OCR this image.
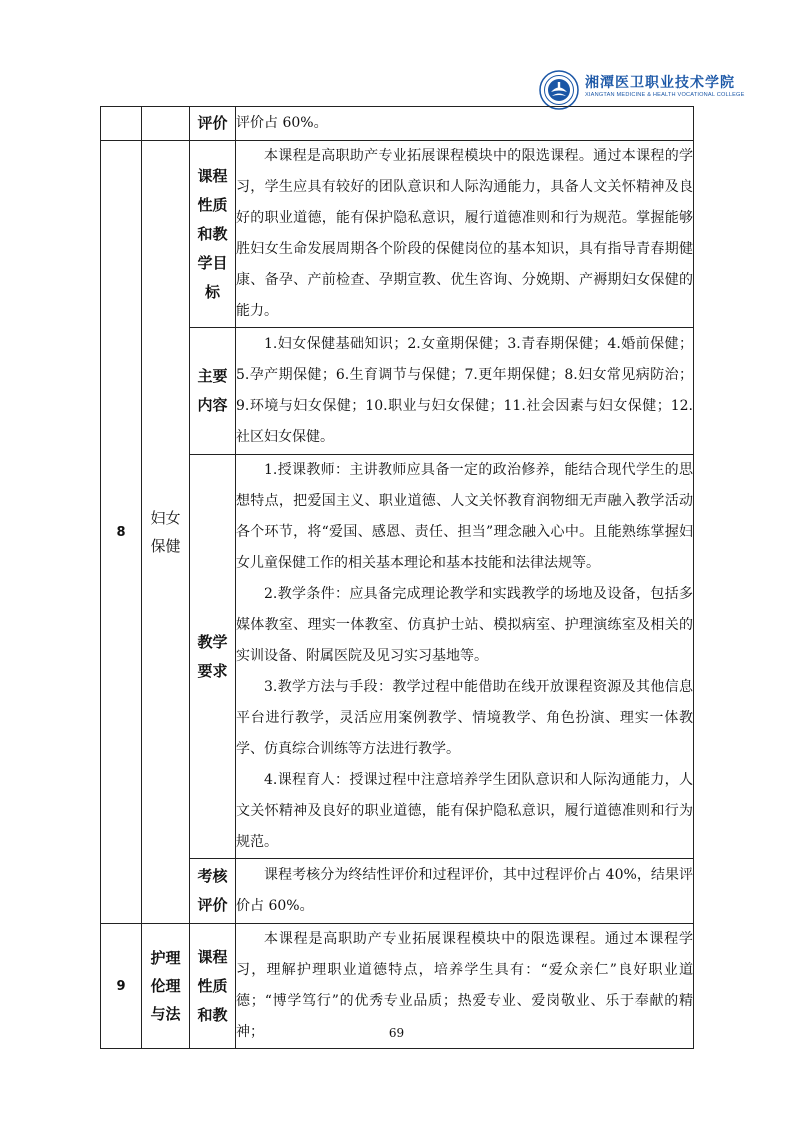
湘潭医卫职业技术学院
XIANGTAN MEDICINE & HEALTH VOCATIONAL COLLEGE
		评价	评价占 60%。

8	妇女保健	课程性质和教学目标	本课程是高职助产专业拓展课程模块中的限选课程。通过本课程的学习，学生应具有较好的团队意识和人际沟通能力，具备人文关怀精神及良好的职业道德，能有保护隐私意识，履行道德准则和行为规范。掌握能够胜妇女生命发展周期各个阶段的保健岗位的基本知识，具有指导青春期健康、备孕、产前检查、孕期宣教、优生咨询、分娩期、产褥期妇女保健的能力。

		主要内容	1.妇女保健基础知识；2.女童期保健；3.青春期保健；4.婚前保健；5.孕产期保健；6.生育调节与保健；7.更年期保健；8.妇女常见病防治；9.环境与妇女保健；10.职业与妇女保健；11.社会因素与妇女保健；12.社区妇女保健。

		教学要求	1.授课教师：主讲教师应具备一定的政治修养，能结合现代学生的思想特点，把爱国主义、职业道德、人文关怀教育润物细无声融入教学活动各个环节，将“爱国、感恩、责任、担当”理念融入心中。且能熟练掌握妇女儿童保健工作的相关基本理论和基本技能和法律法规等。

2.教学条件：应具备完成理论教学和实践教学的场地及设备，包括多媒体教室、理实一体教室、仿真护士站、模拟病室、护理演练室及相关的实训设备、附属医院及见习实习基地等。

3.教学方法与手段：教学过程中能借助在线开放课程资源及其他信息平台进行教学，灵活应用案例教学、情境教学、角色扮演、理实一体教学、仿真综合训练等方法进行教学。

4.课程育人：授课过程中注意培养学生团队意识和人际沟通能力，人文关怀精神及良好的职业道德，能有保护隐私意识，履行道德准则和行为规范。

		考核评价	课程考核分为终结性评价和过程评价，其中过程评价占 40%，结果评价占 60%。

9	护理伦理与法	课程性质和教	本课程是高职助产专业拓展课程模块中的限选课程。通过本课程学习，理解护理职业道德特点，培养学生具有：“爱众亲仁”良好职业道德；“博学笃行”的优秀专业品质；热爱专业、爱岗敬业、乐于奉献的精神；	69
